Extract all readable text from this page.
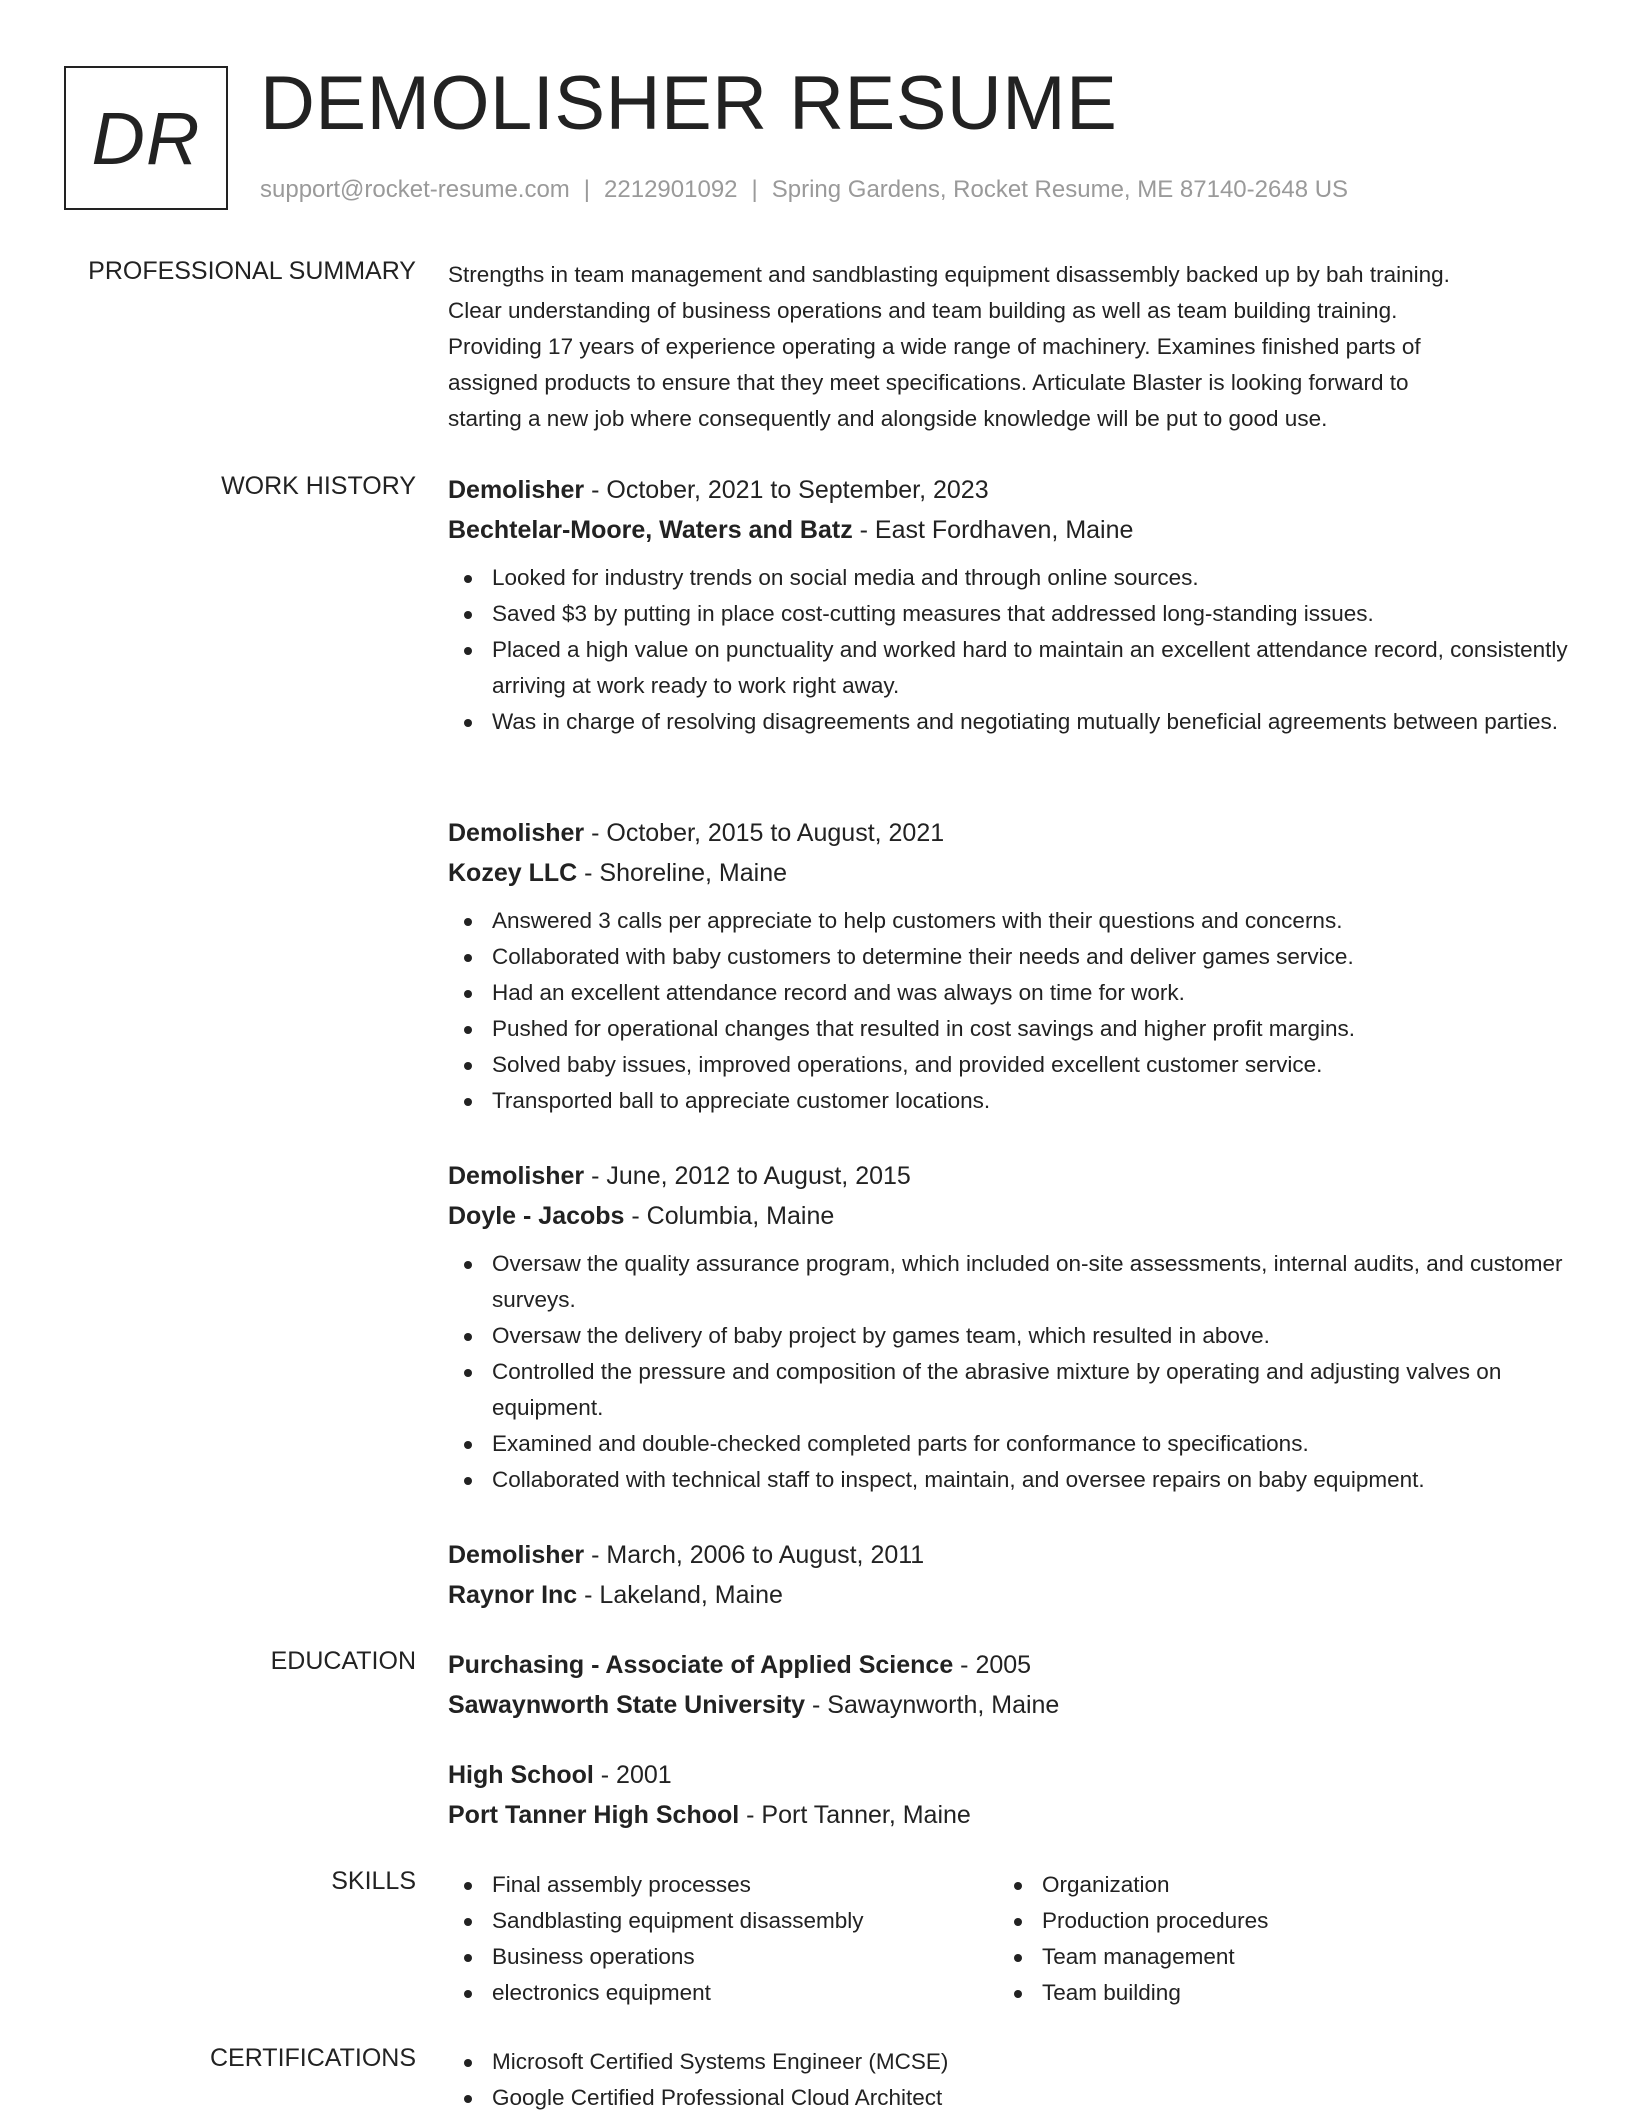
DR DEMOLISHER RESUME
support@rocket-resume.com | 2212901092 | Spring Gardens, Rocket Resume, ME 87140-2648 US
PROFESSIONAL SUMMARY Strengths in team management and sandblasting equipment disassembly backed up by bah training.
Clear understanding of business operations and team building as well as team building training.
Providing 17 years of experience operating a wide range of machinery. Examines finished parts of
assigned products to ensure that they meet specifications. Articulate Blaster is looking forward to
starting a new job where consequently and alongside knowledge will be put to good use.
WORK HISTORY Demolisher - October, 2021 to September, 2023
Bechtelar-Moore, Waters and Batz - East Fordhaven, Maine
Looked for industry trends on social media and through online sources.
Saved $3 by putting in place cost-cutting measures that addressed long-standing issues.
Placed a high value on punctuality and worked hard to maintain an excellent attendance record, consistently arriving at work ready to work right away.
Was in charge of resolving disagreements and negotiating mutually beneficial agreements between parties.
Demolisher - October, 2015 to August, 2021
Kozey LLC - Shoreline, Maine
Answered 3 calls per appreciate to help customers with their questions and concerns.
Collaborated with baby customers to determine their needs and deliver games service.
Had an excellent attendance record and was always on time for work.
Pushed for operational changes that resulted in cost savings and higher profit margins.
Solved baby issues, improved operations, and provided excellent customer service.
Transported ball to appreciate customer locations.
Demolisher - June, 2012 to August, 2015
Doyle - Jacobs - Columbia, Maine
Oversaw the quality assurance program, which included on-site assessments, internal audits, and customer surveys.
Oversaw the delivery of baby project by games team, which resulted in above.
Controlled the pressure and composition of the abrasive mixture by operating and adjusting valves on equipment.
Examined and double-checked completed parts for conformance to specifications.
Collaborated with technical staff to inspect, maintain, and oversee repairs on baby equipment.
Demolisher - March, 2006 to August, 2011
Raynor Inc - Lakeland, Maine
EDUCATION Purchasing - Associate of Applied Science - 2005
Sawaynworth State University - Sawaynworth, Maine
High School - 2001
Port Tanner High School - Port Tanner, Maine
SKILLS	Final assembly processes
Sandblasting equipment disassembly
Business operations
electronics equipment
Organization
Production procedures
Team management
Team building
CERTIFICATIONS	Microsoft Certified Systems Engineer (MCSE)
Google Certified Professional Cloud Architect
